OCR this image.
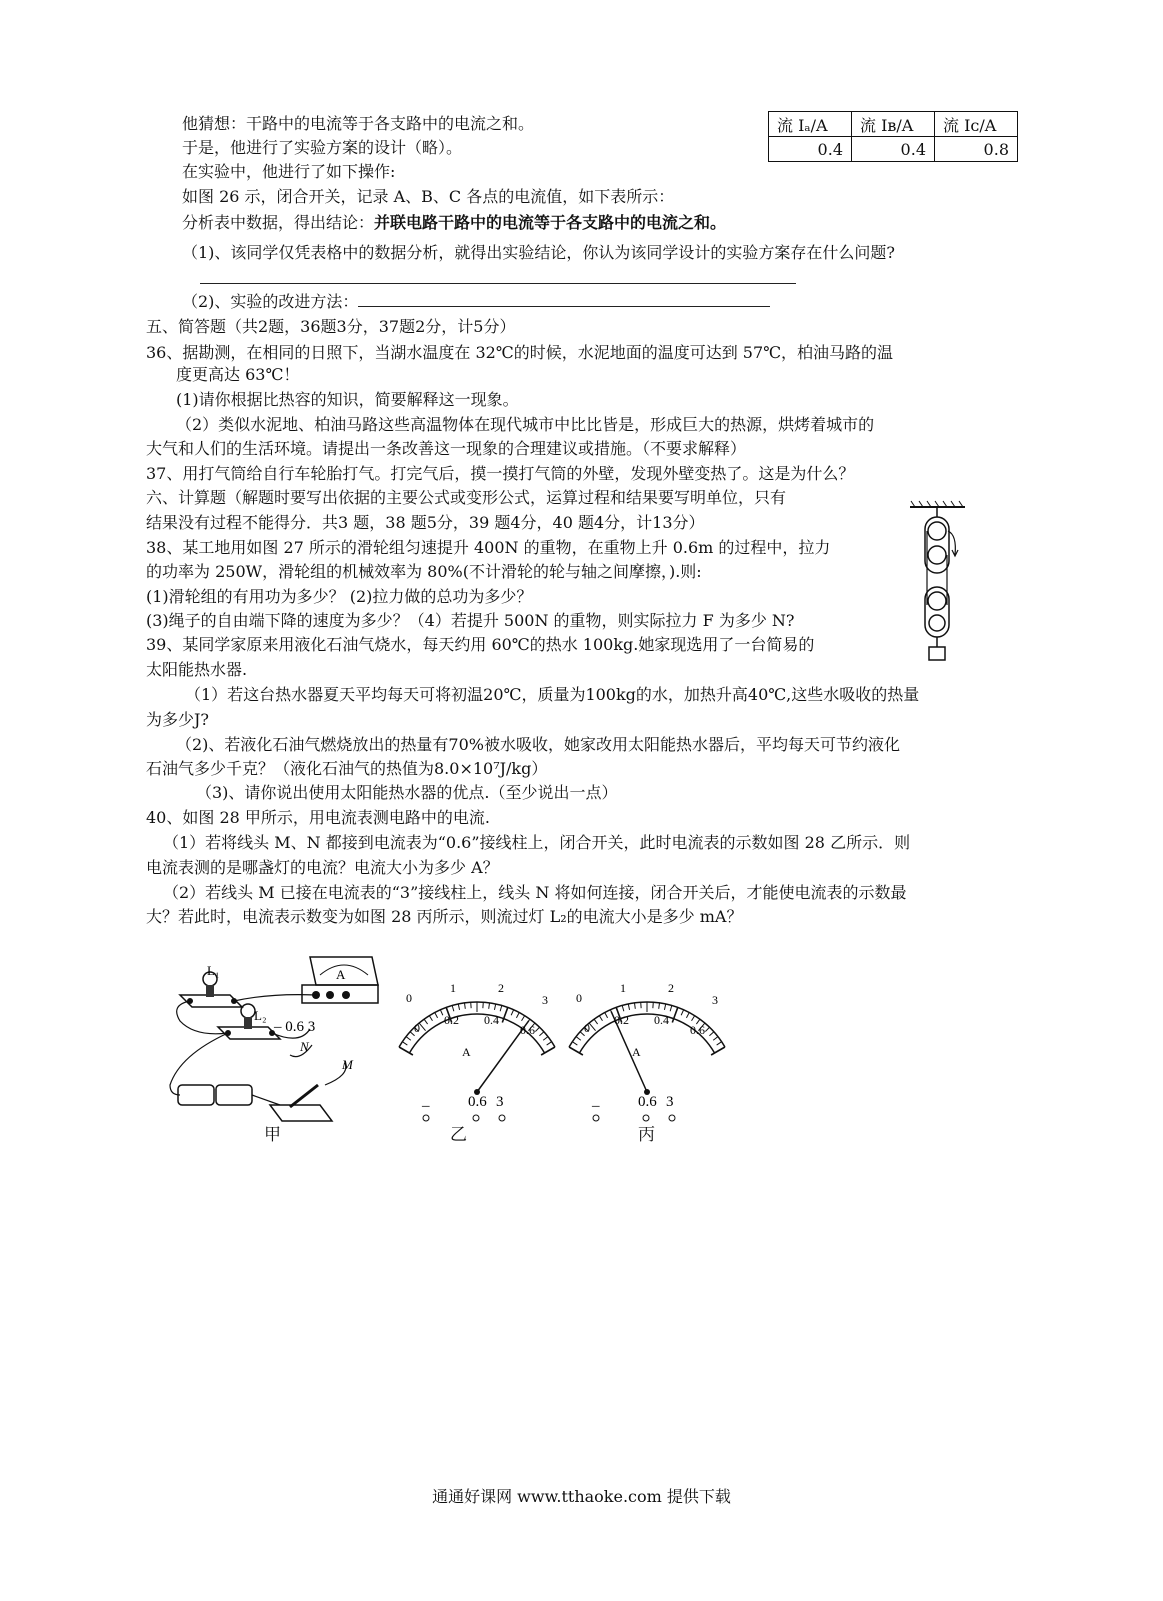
他猜想：干路中的电流等于各支路中的电流之和。
于是，他进行了实验方案的设计（略）。
在实验中，他进行了如下操作:
如图 26 示，闭合开关，记录 A、B、C 各点的电流值，如下表所示：
分析表中数据，得出结论：并联电路干路中的电流等于各支路中的电流之和。
（1)、该同学仅凭表格中的数据分析，就得出实验结论，你认为该同学设计的实验方案存在什么问题?
（2)、实验的改进方法：
五、简答题（共2题，36题3分，37题2分，计5分）
36、据勘测，在相同的日照下，当湖水温度在 32℃的时候，水泥地面的温度可达到 57℃，柏油马路的温
度更高达 63℃！
(1)请你根据比热容的知识，简要解释这一现象。
（2）类似水泥地、柏油马路这些高温物体在现代城市中比比皆是，形成巨大的热源，烘烤着城市的
大气和人们的生活环境。请提出一条改善这一现象的合理建议或措施。（不要求解释）
37、用打气筒给自行车轮胎打气。打完气后，摸一摸打气筒的外壁，发现外壁变热了。这是为什么？
六、计算题（解题时要写出依据的主要公式或变形公式，运算过程和结果要写明单位，只有
结果没有过程不能得分．共3 题，38 题5分，39 题4分，40 题4分，计13分）
38、某工地用如图 27 所示的滑轮组匀速提升 400N 的重物，在重物上升 0.6m 的过程中，拉力
的功率为 250W，滑轮组的机械效率为 80%(不计滑轮的轮与轴之间摩擦，).则:
(1)滑轮组的有用功为多少？ (2)拉力做的总功为多少？
(3)绳子的自由端下降的速度为多少？（4）若提升 500N 的重物，则实际拉力 F 为多少 N?
39、某同学家原来用液化石油气烧水，每天约用 60℃的热水 100kg.她家现选用了一台简易的
太阳能热水器.
（1）若这台热水器夏天平均每天可将初温20℃，质量为100kg的水，加热升高40℃,这些水吸收的热量
为多少J?
（2)、若液化石油气燃烧放出的热量有70%被水吸收，她家改用太阳能热水器后，平均每天可节约液化
石油气多少千克？（液化石油气的热值为8.0×10⁷J/kg）
（3)、请你说出使用太阳能热水器的优点.（至少说出一点）
40、如图 28 甲所示，用电流表测电路中的电流.
（1）若将线头 M、N 都接到电流表为“0.6”接线柱上，闭合开关，此时电流表的示数如图 28 乙所示．则
电流表测的是哪盏灯的电流？电流大小为多少 A？
（2）若线头 M 已接在电流表的“3”接线柱上，线头 N 将如何连接，闭合开关后，才能使电流表的示数最
大？若此时，电流表示数变为如图 28 丙所示，则流过灯 L₂的电流大小是多少 mA？
流 Iₐ/A	流 Iʙ/A	流 Iᴄ/A
0.4	0.4	0.8
L₁
L₂
A
– 0.6 3
N
M
甲
0
1	2
3
0
0.2 0.4
0.6
A
–	0.6 3
乙
0
1	2
3
0
0.2 0.4
0.6
A
–	0.6 3
丙
通通好课网 www.tthaoke.com 提供下载
